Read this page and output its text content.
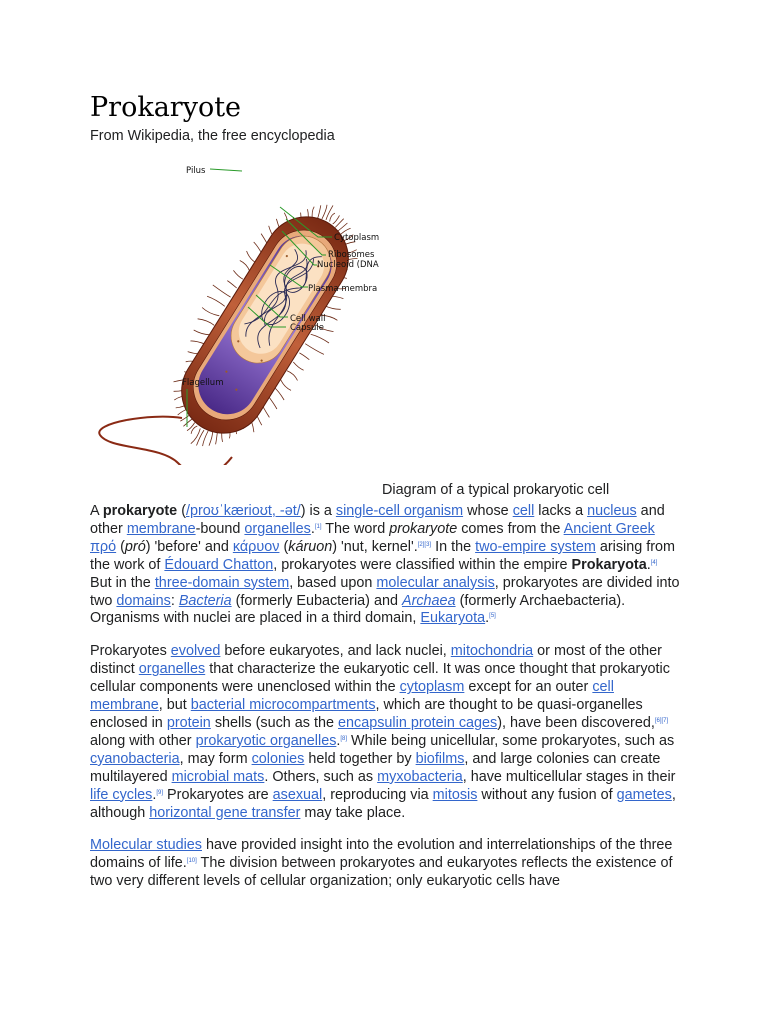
Prokaryote
From Wikipedia, the free encyclopedia
Pilus
Cytoplasm
Ribosomes
Nucleoid (DNA
Plasma membra
Cell wall
Capsule
Flagellum
Diagram of a typical prokaryotic cell

A prokaryote (/proʊˈkærioʊt, -ət/) is a single-cell organism whose cell lacks a nucleus and other membrane-bound organelles.[1] The word prokaryote comes from the Ancient Greek πρό (pró) 'before' and κάρυον (káruon) 'nut, kernel'.[2][3] In the two-empire system arising from the work of Édouard Chatton, prokaryotes were classified within the empire Prokaryota.[4] But in the three-domain system, based upon molecular analysis, prokaryotes are divided into two domains: Bacteria (formerly Eubacteria) and Archaea (formerly Archaebacteria). Organisms with nuclei are placed in a third domain, Eukaryota.[5]

Prokaryotes evolved before eukaryotes, and lack nuclei, mitochondria or most of the other distinct organelles that characterize the eukaryotic cell. It was once thought that prokaryotic cellular components were unenclosed within the cytoplasm except for an outer cell membrane, but bacterial microcompartments, which are thought to be quasi-organelles enclosed in protein shells (such as the encapsulin protein cages), have been discovered,[6][7] along with other prokaryotic organelles.[8] While being unicellular, some prokaryotes, such as cyanobacteria, may form colonies held together by biofilms, and large colonies can create multilayered microbial mats. Others, such as myxobacteria, have multicellular stages in their life cycles.[9] Prokaryotes are asexual, reproducing via mitosis without any fusion of gametes, although horizontal gene transfer may take place.

Molecular studies have provided insight into the evolution and interrelationships of the three domains of life.[10] The division between prokaryotes and eukaryotes reflects the existence of two very different levels of cellular organization; only eukaryotic cells have
